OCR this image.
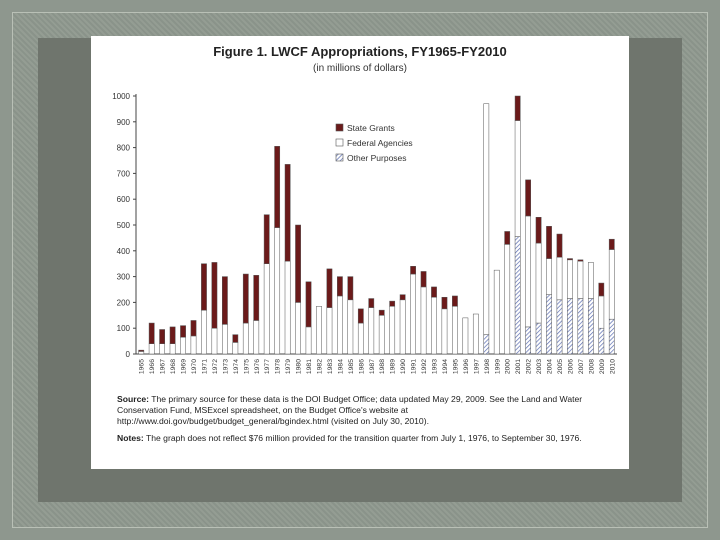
Figure 1. LWCF Appropriations, FY1965-FY2010
(in millions of dollars)
0
100
200
300
400
500
600
700
800
900
1000
1965 1966 1967 1968 1969 1970 1971 1972 1973 1974 1975 1976 1977 1978 1979 1980 1981 1982 1983 1984 1985 1986 1987 1988 1989 1990 1991 1992 1993 1994 1995 1996 1997 1998 1999 2000 2001 2002 2003 2004 2005 2006 2007 2008 2009 2010
State Grants
Federal Agencies
Other Purposes

Source: The primary source for these data is the DOI Budget Office; data updated May 29, 2009. See the Land and Water Conservation Fund, MSExcel spreadsheet, on the Budget Office's website at http://www.doi.gov/budget/budget_general/bgindex.html (visited on July 30, 2010).

Notes: The graph does not reflect $76 million provided for the transition quarter from July 1, 1976, to September 30, 1976.
